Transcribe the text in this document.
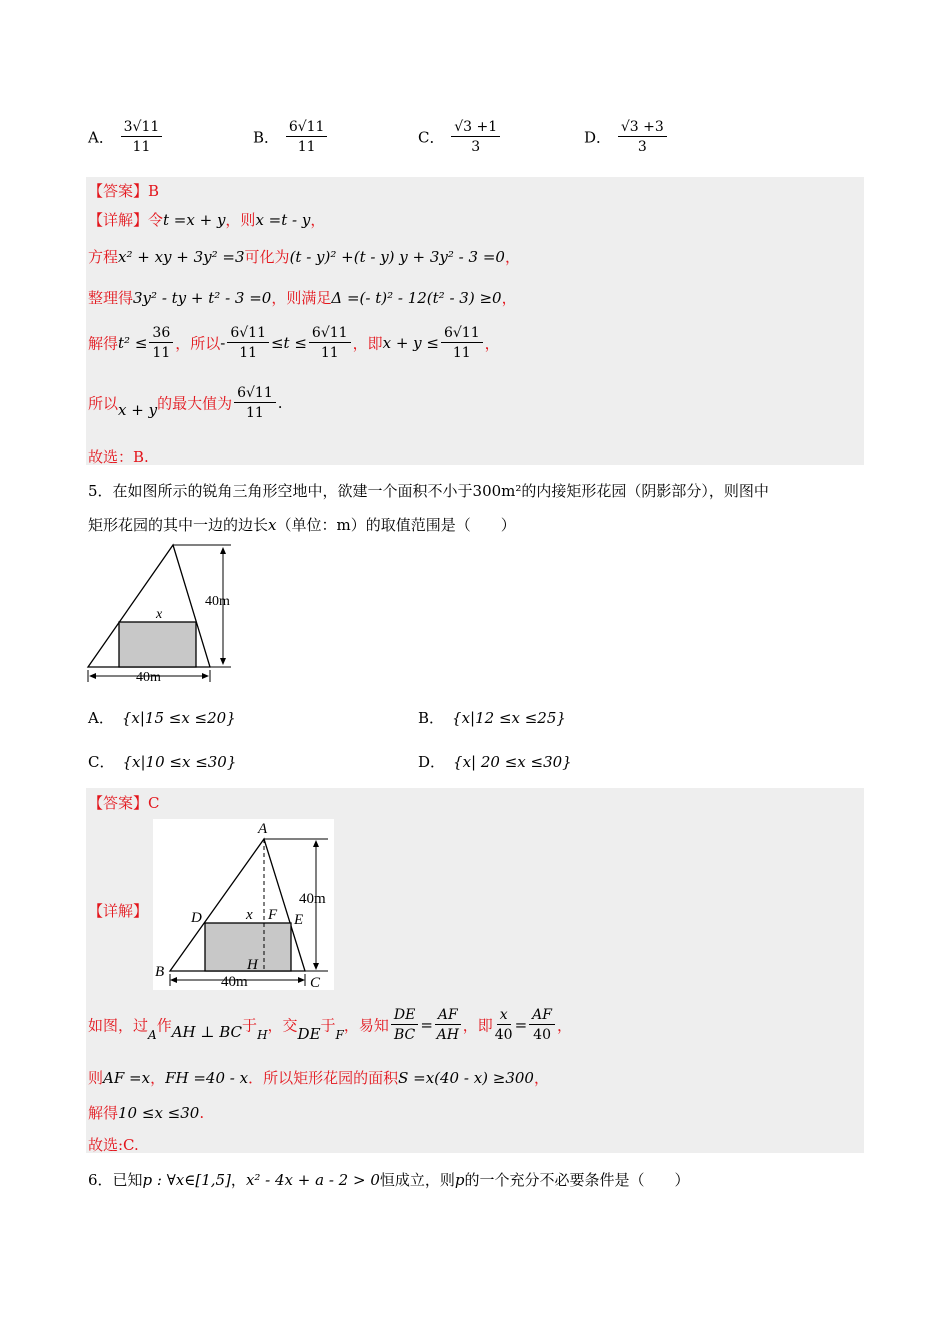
A． $\frac{3√11}{11}$	B． $\frac{6√11}{11}$	C． $\frac{√3 +1}{3}$	D． $\frac{√3 +3}{3}$
【答案】B
【详解】令t =x + y，则x =t - y，
方程x² + xy + 3y² =3可化为(t - y)² +(t - y) y + 3y² - 3 =0，
整理得3y² - ty + t² - 3 =0，则满足Δ =(- t)² - 12(t² - 3) ≥0，
解得$t^2 \le \frac{36}{11}$ ，所以- $\frac{6√11}{11} \le t \le \frac{6√11}{11}$ ，即$x + y \le \frac{6√11}{11}$ ，
所以x + y的最大值为 $\frac{6√11}{11}$ .
故选：B.
5．在如图所示的锐角三角形空地中，欲建一个面积不小于300m²的内接矩形花园（阴影部分），则图中
矩形花园的其中一边的边长x（单位：m）的取值范围是（　　）
40m
x
40m
A． {x|15 ≤x ≤20}	B． {x|12 ≤x ≤25}
C． {x|10 ≤x ≤30}	D． {x| 20 ≤x ≤30}
【答案】C
【详解】
A
B
C
D	E
F
H
x
40m
40m
如图，过$_A$作AH ⊥ BC于$_H$，交DE于$_F$，易知 $\frac{DE}{BC} = \frac{AF}{AH}$ ，即 $\frac{x}{40} = \frac{AF}{40}$ ，
则AF =x，FH =40 - x．所以矩形花园的面积S =x(40 - x) ≥300，
解得10 ≤x ≤30.
故选:C.
6．已知p : ∀x∈[1,5]，x² - 4x + a - 2 > 0恒成立，则p的一个充分不必要条件是（　　）
